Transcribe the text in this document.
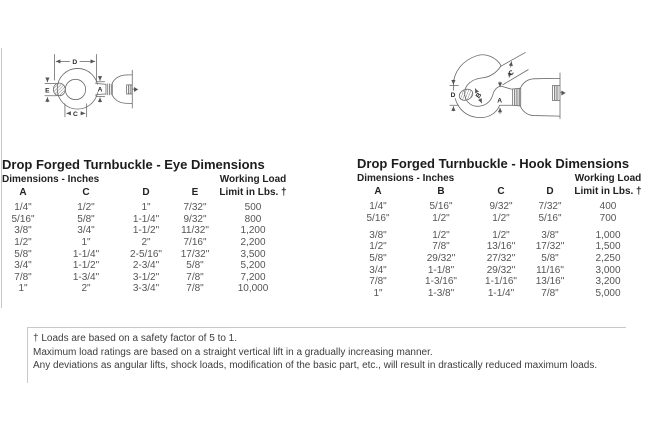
D
E	A
C
D B
A
C
Drop Forged Turnbuckle - Eye Dimensions
Dimensions - Inches	Working Load
A	C	D	E	Limit in Lbs. †
1/4"	1/2"	1"	7/32"	500
5/16"	5/8"	1-1/4"	9/32"	800
3/8"	3/4"	1-1/2"	11/32"	1,200
1/2"	1"	2"	7/16"	2,200
5/8"	1-1/4"	2-5/16"	17/32"	3,500
3/4"	1-1/2"	2-3/4"	5/8"	5,200
7/8"	1-3/4"	3-1/2"	7/8"	7,200
1"	2"	3-3/4"	7/8"	10,000
Drop Forged Turnbuckle - Hook Dimensions
Dimensions - Inches	Working Load
A	B	C	D	Limit in Lbs. †
1/4"	5/16"	9/32"	7/32"	400
5/16"	1/2"	1/2"	5/16"	700
3/8"	1/2"	1/2"	3/8"	1,000
1/2"	7/8"	13/16"	17/32"	1,500
5/8"	29/32"	27/32"	5/8"	2,250
3/4"	1-1/8"	29/32"	11/16"	3,000
7/8"	1-3/16"	1-1/16"	13/16"	3,200
1"	1-3/8"	1-1/4"	7/8"	5,000
† Loads are based on a safety factor of 5 to 1.
Maximum load ratings are based on a straight vertical lift in a gradually increasing manner.
Any deviations as angular lifts, shock loads, modification of the basic part, etc., will result in drastically reduced maximum loads.
